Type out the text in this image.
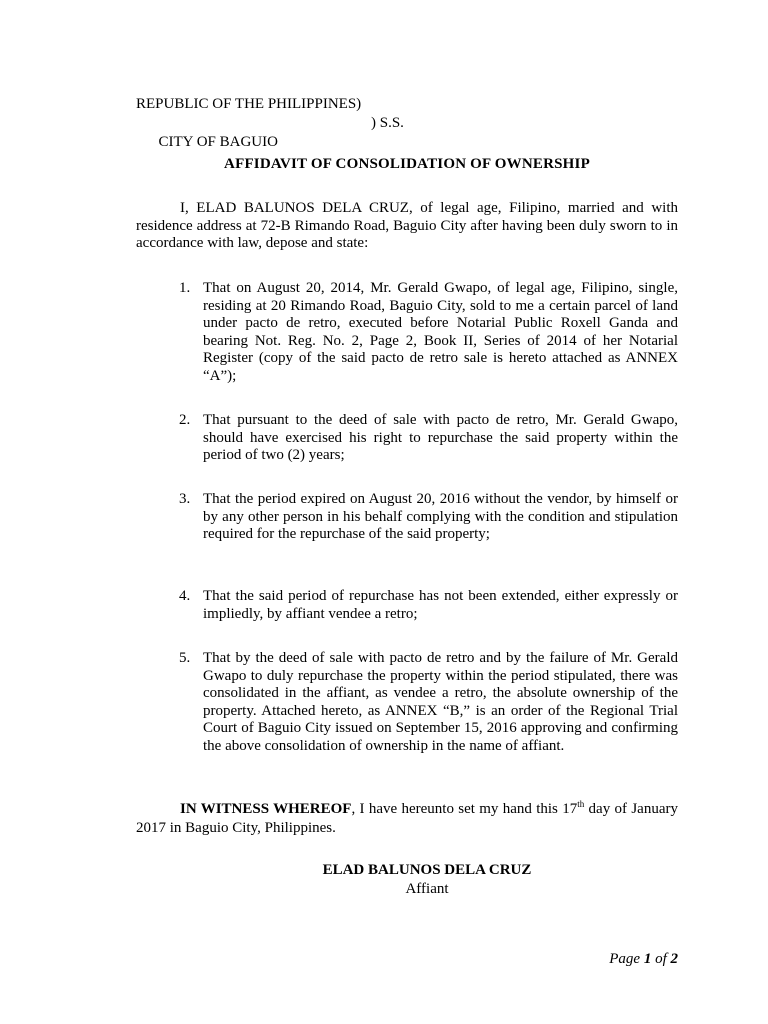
REPUBLIC OF THE PHILIPPINES)

CITY OF BAGUIO

) S.S.

AFFIDAVIT OF CONSOLIDATION OF OWNERSHIP
I, ELAD BALUNOS DELA CRUZ, of legal age, Filipino, married and with residence address at 72-B Rimando Road, Baguio City after having been duly sworn to in accordance with law, depose and state:
1. That on August 20, 2014, Mr. Gerald Gwapo, of legal age, Filipino, single, residing at 20 Rimando Road, Baguio City, sold to me a certain parcel of land under pacto de retro, executed before Notarial Public Roxell Ganda and bearing Not. Reg. No. 2, Page 2, Book II, Series of 2014 of her Notarial Register (copy of the said pacto de retro sale is hereto attached as ANNEX “A”);
2. That pursuant to the deed of sale with pacto de retro, Mr. Gerald Gwapo, should have exercised his right to repurchase the said property within the period of two (2) years;
3. That the period expired on August 20, 2016 without the vendor, by himself or by any other person in his behalf complying with the condition and stipulation required for the repurchase of the said property;
4. That the said period of repurchase has not been extended, either expressly or impliedly, by affiant vendee a retro;
5. That by the deed of sale with pacto de retro and by the failure of Mr. Gerald Gwapo to duly repurchase the property within the period stipulated, there was consolidated in the affiant, as vendee a retro, the absolute ownership of the property. Attached hereto, as ANNEX “B,” is an order of the Regional Trial Court of Baguio City issued on September 15, 2016 approving and confirming the above consolidation of ownership in the name of affiant.
IN WITNESS WHEREOF, I have hereunto set my hand this 17th day of January 2017 in Baguio City, Philippines.
ELAD BALUNOS DELA CRUZ
Affiant
Page 1 of 2
